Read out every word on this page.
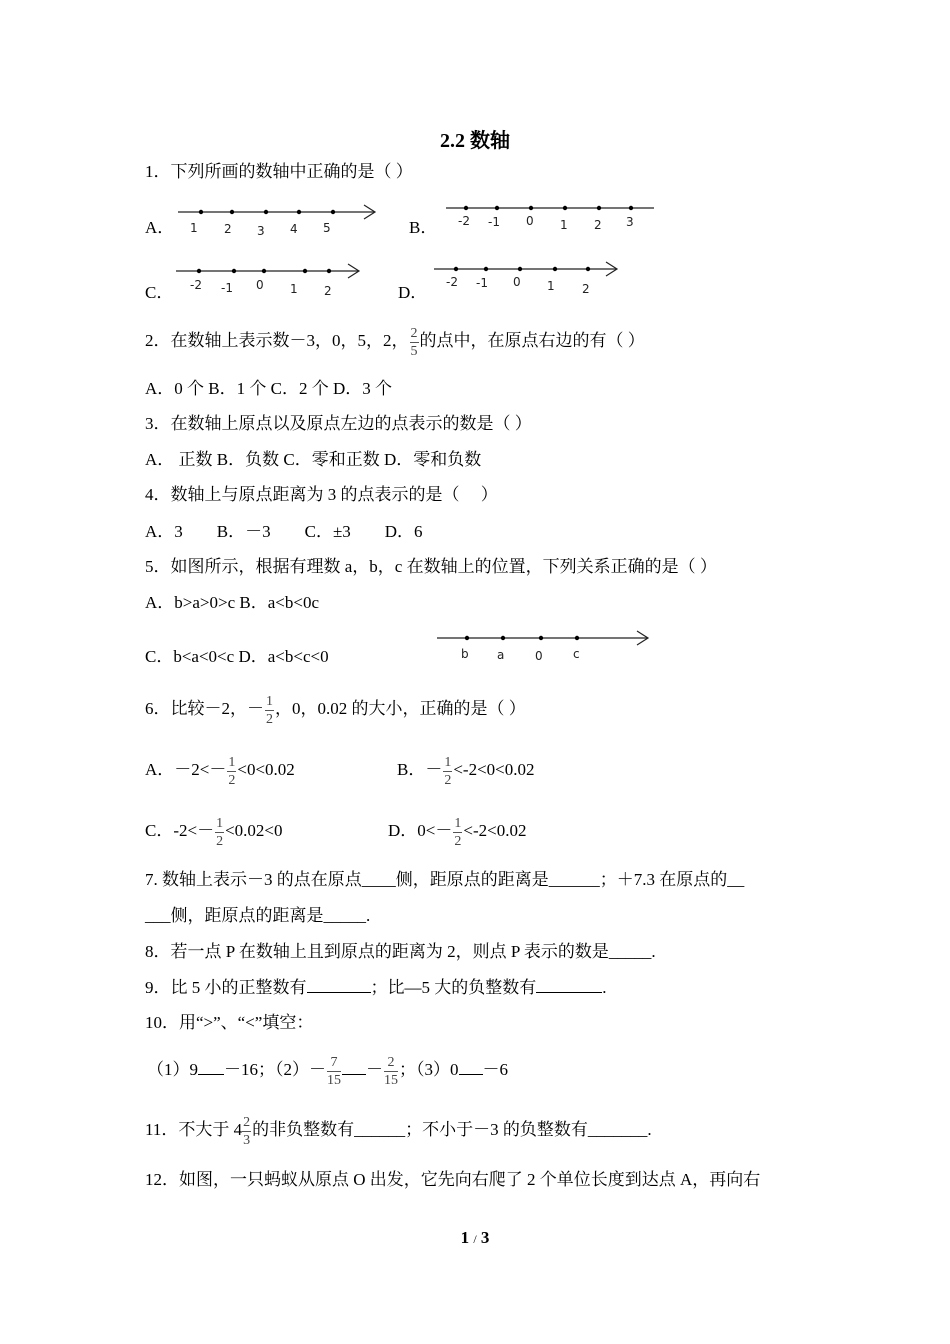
2.2 数轴
1．下列所画的数轴中正确的是（ ）
A． 1 2 3 4 5	B． -2 -1 0 1 2 3
C． -2 -1 0 1 2	D．
-2 -1 0 1 2
2．在数轴上表示数－3，0，5，2， $\frac{2}{5}$ 的点中，在原点右边的有（ ）
A．0 个 B．1 个 C．2 个 D．3 个
3．在数轴上原点以及原点左边的点表示的数是（ ）
A． 正数 B．负数 C．零和正数 D．零和负数
4．数轴上与原点距离为 3 的点表示的是（　 ）
A．3　　B．－3　　C．±3　　D．6
5．如图所示，根据有理数 a，b，c 在数轴上的位置，下列关系正确的是（ ）
A．b>a>0>c B．a<b<0c
C．b<a<0<c D．a<b<c<0	b a	0	c
6．比较－2，－ $\frac{1}{2}$ ，0，0.02 的大小，正确的是（ ）
A．$-2<- \frac{1}{2} <0<0.02$	B．－ $\frac{1}{2} <-2<0<0.02$
C．$-2<- \frac{1}{2} <0.02<0$	D．$0<- \frac{1}{2} <-2<0.02$
7. 数轴上表示－3 的点在原点____侧，距原点的距离是______；＋7.3 在原点的__
___侧，距原点的距离是_____.
8．若一点 P 在数轴上且到原点的距离为 2，则点 P 表示的数是_____.
9．比 5 小的正整数有	；比—5 大的负整数有	.
10．用“>”、“<”填空：
（1）9 －16；$(2)- \frac{7}{15} - \frac{2}{15}$ ；（3）0 －6
11．不大于 $4 \frac{2}{3}$ 的非负整数有______；不小于－3 的负整数有_______.
12．如图，一只蚂蚁从原点 O 出发，它先向右爬了 2 个单位长度到达点 A，再向右
1 / 3
